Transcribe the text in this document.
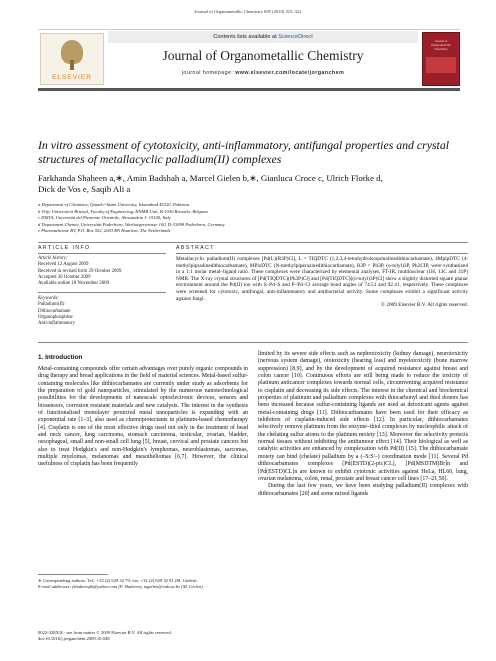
Journal of Organometallic Chemistry 695 (2010) 315–322
ELSEVIER
Contents lists available at ScienceDirect
Journal of Organometallic Chemistry
journal homepage: www.elsevier.com/locate/jorganchem
Journal of Organometallic Chemistry
In vitro assessment of cytotoxicity, anti-inflammatory, antifungal properties and crystal structures of metallacyclic palladium(II) complexes
Farkhanda Shaheen a,∗, Amin Badshah a, Marcel Gielen b,∗, Gianluca Croce c, Ulrich Florke d,
Dick de Vos e, Saqib Ali a
a Department of Chemistry, Quaid-i-Azam University, Islamabad 45320, Pakistan
b Vrije Universiteit Brussel, Faculty of Engineering, HNMR Unit, B-1050 Brussels, Belgium
c DISTA, Università del Piemonte Orientale, Alessandria I- 15100, Italy
d Department Chemie, Universität Paderborn, Warburgerstrasse 100, D-33098 Paderborn, Germany
e Pharmachemie BV, P.O. Box 552, 2003 RN Haarlem, The Netherlands
ARTICLE INFO
Article history:
Received 12 August 2009
Received in revised form 29 October 2009
Accepted 30 October 2009
Available online 18 November 2009
Keywords:
Palladium(II)
Dithiocarbamate
Organophosphine
Anti-inflammatory
ABSTRACT
Metallacyclic palladium(II) complexes [Pd(L)(R3P)Cl], L = TIQDTC (1,2,3,4-tetrahydroisoquinolinedithiocarbamate), 4MpipDTC (4-methylpipradinedithiocarbamate), MPizDTC (N-methylpiperazinedithiocarbamate), R3P = Ph3P, (o-tolyl)3P, Ph2CIP, were synthesized in a 1:1 molar metal–ligand ratio. These complexes were characterized by elemental analyses, FT-IR, multinuclear (1H, 13C and 31P) NMR. The X-ray crystal structures of [Pd(TIQDTC)(Ph3P)Cl] and [Pd(TIQDTC)((o-tolyl)3P)Cl] show a slightly distorted square planar environment around the Pd(II) ion with S–Pd–S and P–Pd–Cl average bond angles of 74.51 and 92.41, respectively. These complexes were screened for cytotoxic, antifungal, anti-inflammatory and antibacterial activity. Some complexes exhibit a significant activity against fungi.
© 2009 Elsevier B.V. All rights reserved.
1. Introduction
Metal-containing compounds offer certain advantages over purely organic compounds in drug therapy and broad applications in the field of material sciences. Metal-based sulfur-containing molecules like dithiocarbamates are currently under study as adsorbents for the preparation of gold nanoparticles, stimulated by the numerous nanotechnological possibilities for the developments of nanoscale optoelectronic devices, sensors and biosensors, corrosion resistant materials and new catalysts. The interest in the synthesis of functionalised monolayer protected metal nanoparticles is expanding with an exponential rate [1–3], also used as chemoprotectants in platinum-based chemotherapy [4]. Cisplatin is one of the most effective drugs used not only in the treatment of head and neck cancer, lung carcinoma, stomach carcinoma, testicular, ovarian, bladder, oesophageal, small and non-small cell lung [5], breast, cervical and prostate cancers but also to treat Hodgkin's and non-Hodgkin's lymphomas, neuroblastomas, sarcomas, multiple myelomas, melanomas and mesotheliomas [6,7]. However, the clinical usefulness of cisplatin has been frequently
limited by its severe side effects such as nephrotoxicity (kidney damage), neurotoxicity (nervous system damage), ototoxicity (hearing loss) and myelotoxicity (bone marrow suppression) [8,9], and by the development of acquired resistance against breast and colon cancer [10]. Continuous efforts are still being made to reduce the toxicity of platinum anticancer complexes towards normal cells, circumventing acquired resistance to cisplatin and decreasing its side effects. The interest in the chemical and biochemical properties of platinum and palladium complexes with thiocarbonyl and thiol donors has been increased because sulfur-containing ligands are used as detoxicant agents against metal-containing drugs [11]. Dithiocarbamates have been used for their efficacy as inhibitors of cisplatin-induced side effects [12]. In particular, dithiocarbamates selectively remove platinum from the enzyme–thiol complexes by nucleophilic attack of the chelating sulfur atoms to the platinum moiety [13]. Moreover the selectivity protects normal tissues without inhibiting the antitumour effect [14]. Their biological as well as catalytic activities are enhanced by complexation with Pd(II) [15]. The dithiocarbamate moiety can bind (chelate) palladium by a (–S:S'–) coordination mode [11]. Several Pd dithiocarbamates complexes [Pd(ESTD)(2-pic)CL], [Pd(MSDTM)Br]n and [Pd(ESTD)CL]n are known to exhibit cytotoxic activities against HeLa, HL60, lung, ovarian melanoma, colon, renal, prostate and breast cancer cell lines [17–21,50].
During the last few years, we have been studying palladium(II) complexes with dithiocarbamates [20] and some mixed ligands
∗ Corresponding authors. Tel.: +32 (2) 629 32 79; fax: +32 (2) 629 32 81 (M. Gielen).
E-mail addresses: fshaheenpk@yahoo.com (F. Shaheen), mgielen@vub.ac.be (M. Gielen).
0022-328X/$ - see front matter © 2009 Elsevier B.V. All rights reserved.
doi:10.1016/j.jorganchem.2009.10.048
